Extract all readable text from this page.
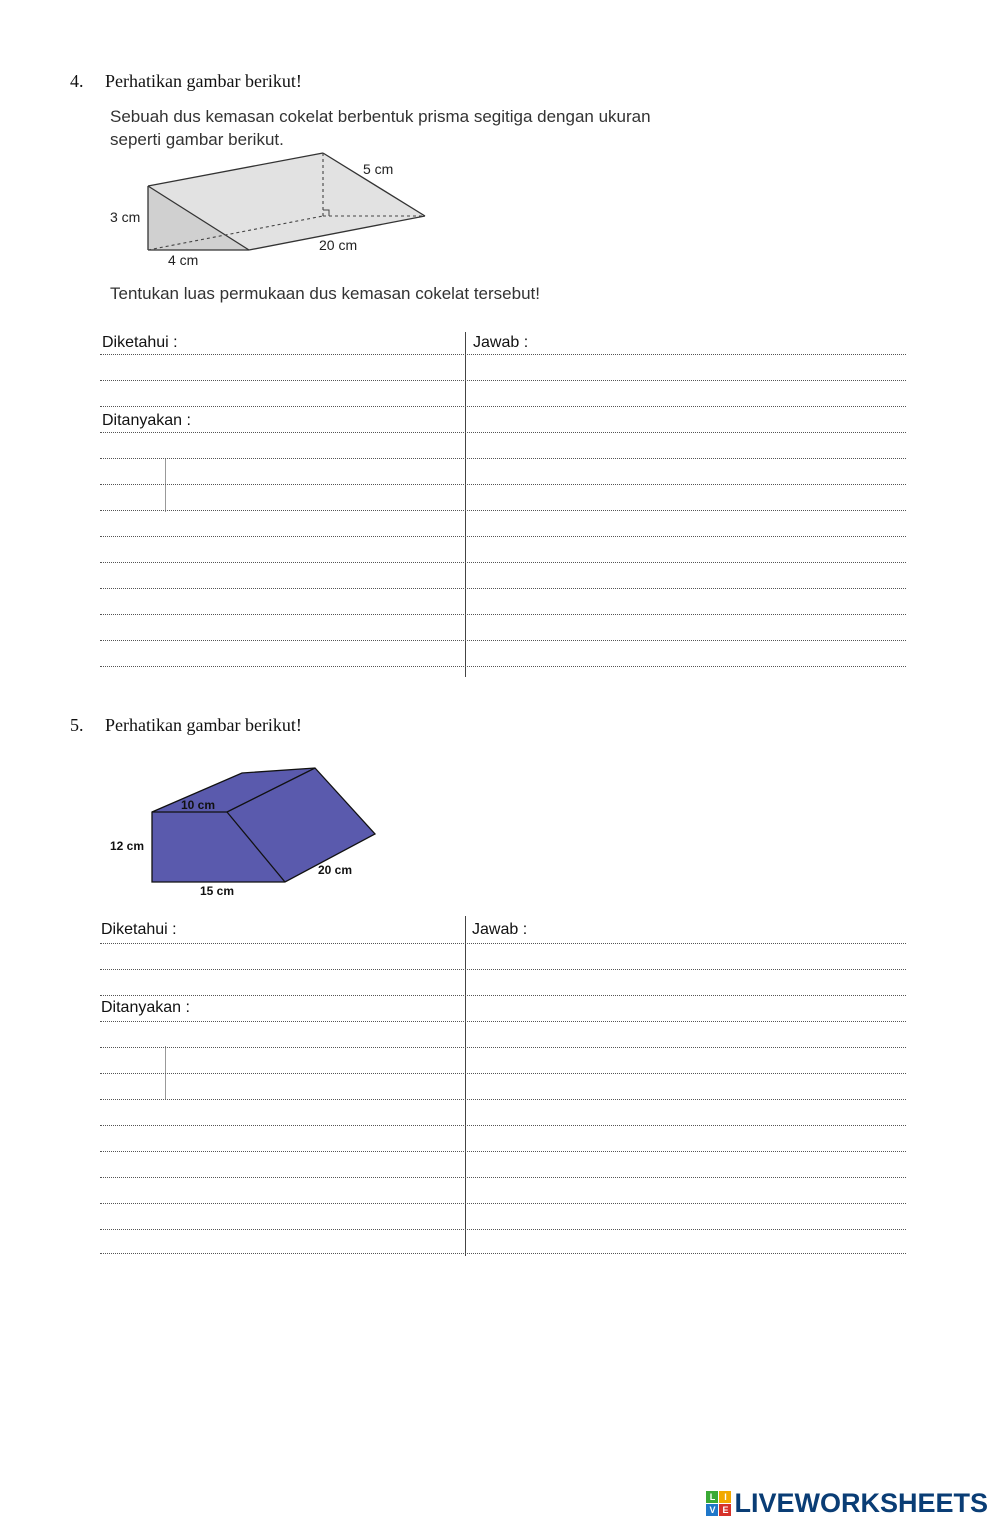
4. Perhatikan gambar berikut!
Sebuah dus kemasan cokelat berbentuk prisma segitiga dengan ukuran
seperti gambar berikut.
5 cm
3 cm
4 cm
20 cm
Tentukan luas permukaan dus kemasan cokelat tersebut!
Diketahui :	Jawab :
Ditanyakan :
5. Perhatikan gambar berikut!
10 cm
12 cm
15 cm
20 cm
Diketahui :	Jawab :
Ditanyakan :
L I
V E LIVEWORKSHEETS
